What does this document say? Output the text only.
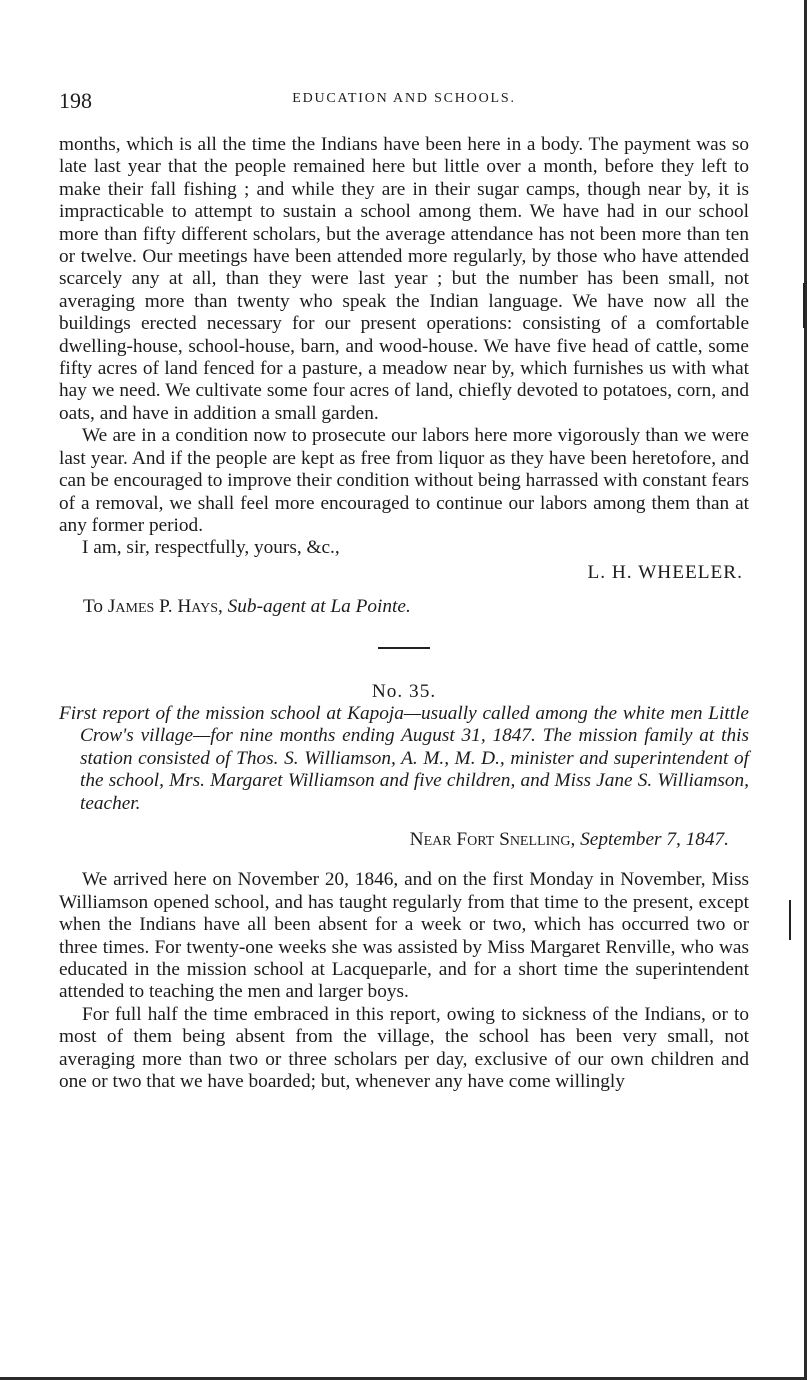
198	EDUCATION AND SCHOOLS.

months, which is all the time the Indians have been here in a body. The payment was so late last year that the people remained here but little over a month, before they left to make their fall fishing ; and while they are in their sugar camps, though near by, it is impracticable to attempt to sustain a school among them. We have had in our school more than fifty different scholars, but the average attendance has not been more than ten or twelve. Our meetings have been attended more regularly, by those who have attended scarcely any at all, than they were last year ; but the number has been small, not averaging more than twenty who speak the Indian language. We have now all the buildings erected necessary for our present operations: consisting of a comfortable dwelling-house, school-house, barn, and wood-house. We have five head of cattle, some fifty acres of land fenced for a pasture, a meadow near by, which furnishes us with what hay we need. We cultivate some four acres of land, chiefly devoted to potatoes, corn, and oats, and have in addition a small garden.

We are in a condition now to prosecute our labors here more vigorously than we were last year. And if the people are kept as free from liquor as they have been heretofore, and can be encouraged to improve their condition without being harrassed with constant fears of a removal, we shall feel more encouraged to continue our labors among them than at any former period.

I am, sir, respectfully, yours, &c.,

L. H. WHEELER.
To James P. Hays, Sub-agent at La Pointe.
No. 35.

First report of the mission school at Kapoja—usually called among the white men Little Crow's village—for nine months ending August 31, 1847. The mission family at this station consisted of Thos. S. Williamson, A. M., M. D., minister and superintendent of the school, Mrs. Margaret Williamson and five children, and Miss Jane S. Williamson, teacher.

Near Fort Snelling, September 7, 1847.

We arrived here on November 20, 1846, and on the first Monday in November, Miss Williamson opened school, and has taught regularly from that time to the present, except when the Indians have all been absent for a week or two, which has occurred two or three times. For twenty-one weeks she was assisted by Miss Margaret Renville, who was educated in the mission school at Lacqueparle, and for a short time the superintendent attended to teaching the men and larger boys.

For full half the time embraced in this report, owing to sickness of the Indians, or to most of them being absent from the village, the school has been very small, not averaging more than two or three scholars per day, exclusive of our own children and one or two that we have boarded; but, whenever any have come willingly
